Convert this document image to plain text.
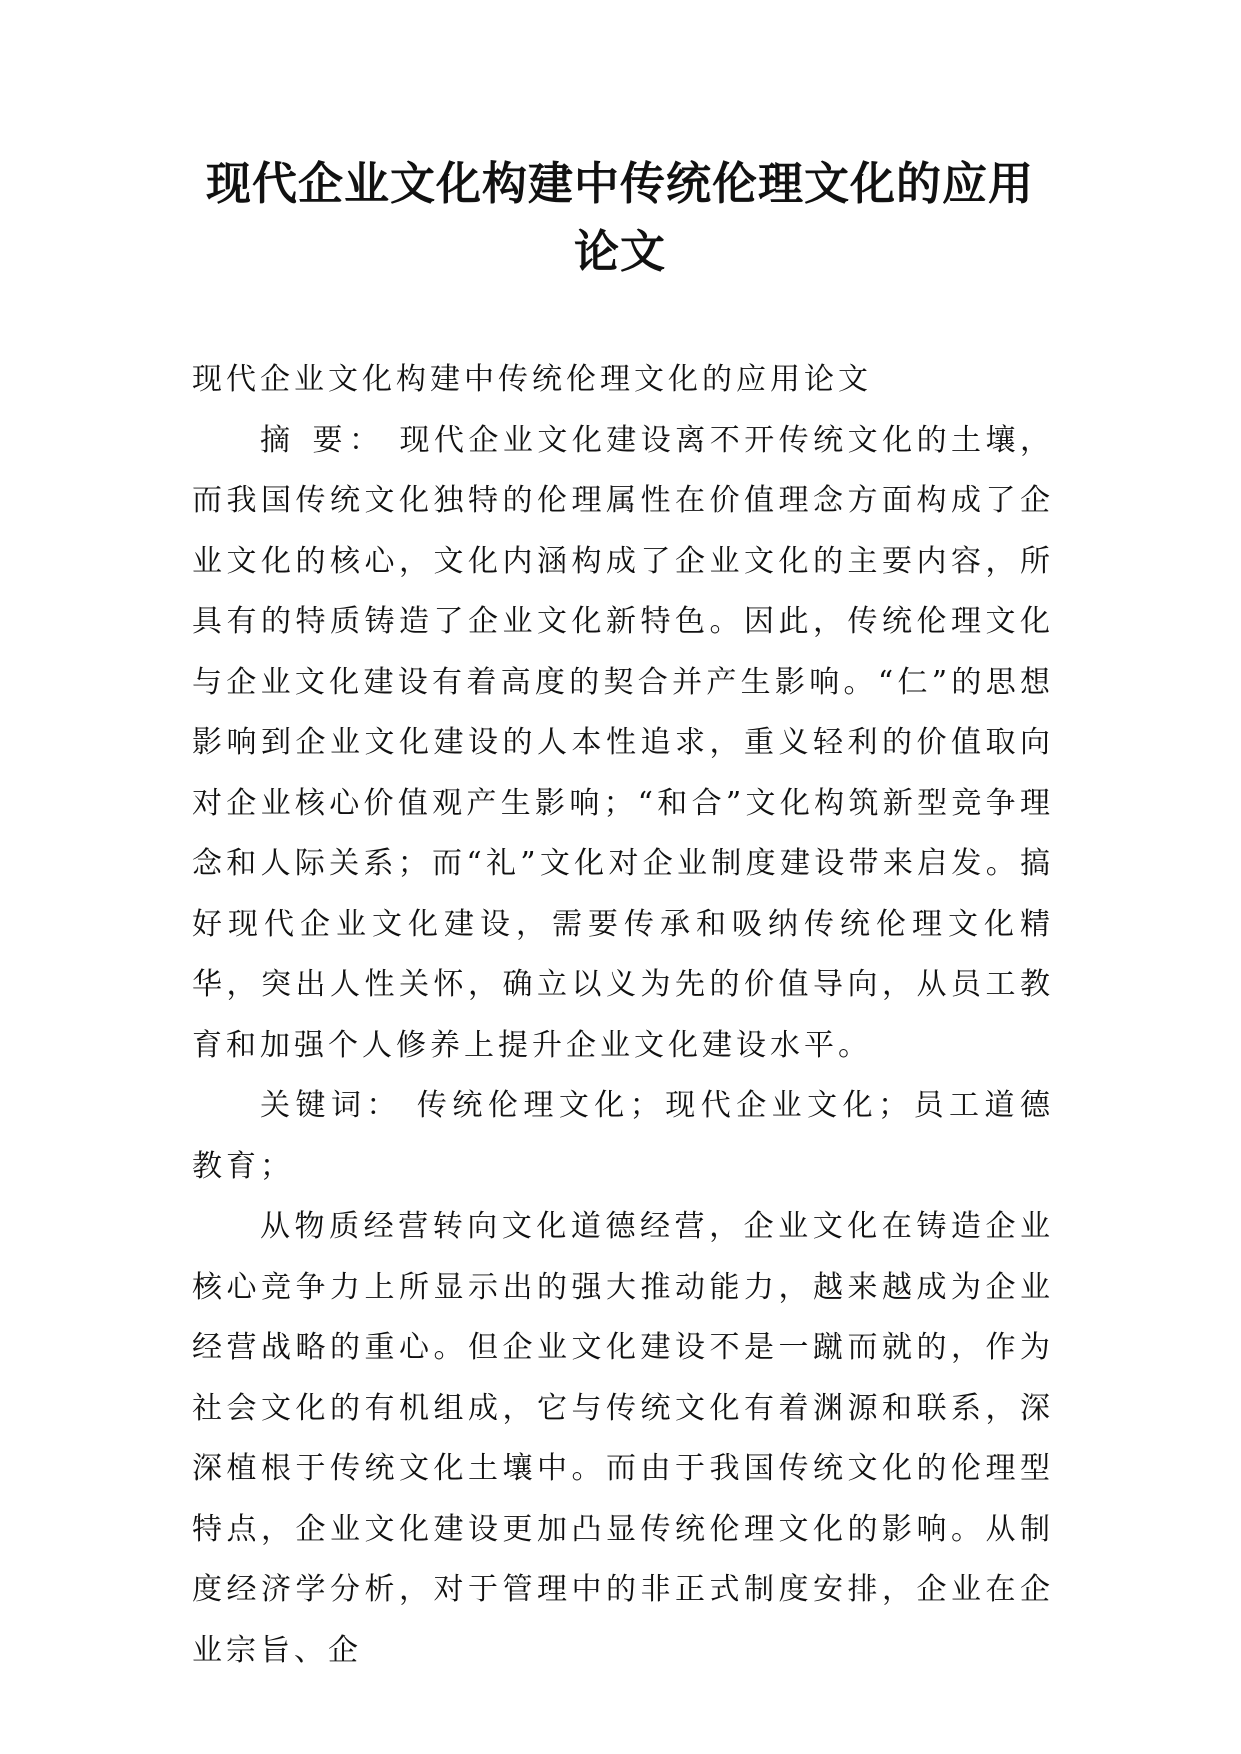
现代企业文化构建中传统伦理文化的应用
论文

现代企业文化构建中传统伦理文化的应用论文

摘 要： 现代企业文化建设离不开传统文化的土壤，而我国传统文化独特的伦理属性在价值理念方面构成了企业文化的核心，文化内涵构成了企业文化的主要内容，所具有的特质铸造了企业文化新特色。因此，传统伦理文化与企业文化建设有着高度的契合并产生影响。“仁”的思想影响到企业文化建设的人本性追求，重义轻利的价值取向对企业核心价值观产生影响；“和合”文化构筑新型竞争理念和人际关系；而“礼”文化对企业制度建设带来启发。搞好现代企业文化建设，需要传承和吸纳传统伦理文化精华，突出人性关怀，确立以义为先的价值导向，从员工教育和加强个人修养上提升企业文化建设水平。

关键词： 传统伦理文化；现代企业文化；员工道德教育；

从物质经营转向文化道德经营，企业文化在铸造企业核心竞争力上所显示出的强大推动能力，越来越成为企业经营战略的重心。但企业文化建设不是一蹴而就的，作为社会文化的有机组成，它与传统文化有着渊源和联系，深深植根于传统文化土壤中。而由于我国传统文化的伦理型特点，企业文化建设更加凸显传统伦理文化的影响。从制度经济学分析，对于管理中的非正式制度安排，企业在企业宗旨、企
